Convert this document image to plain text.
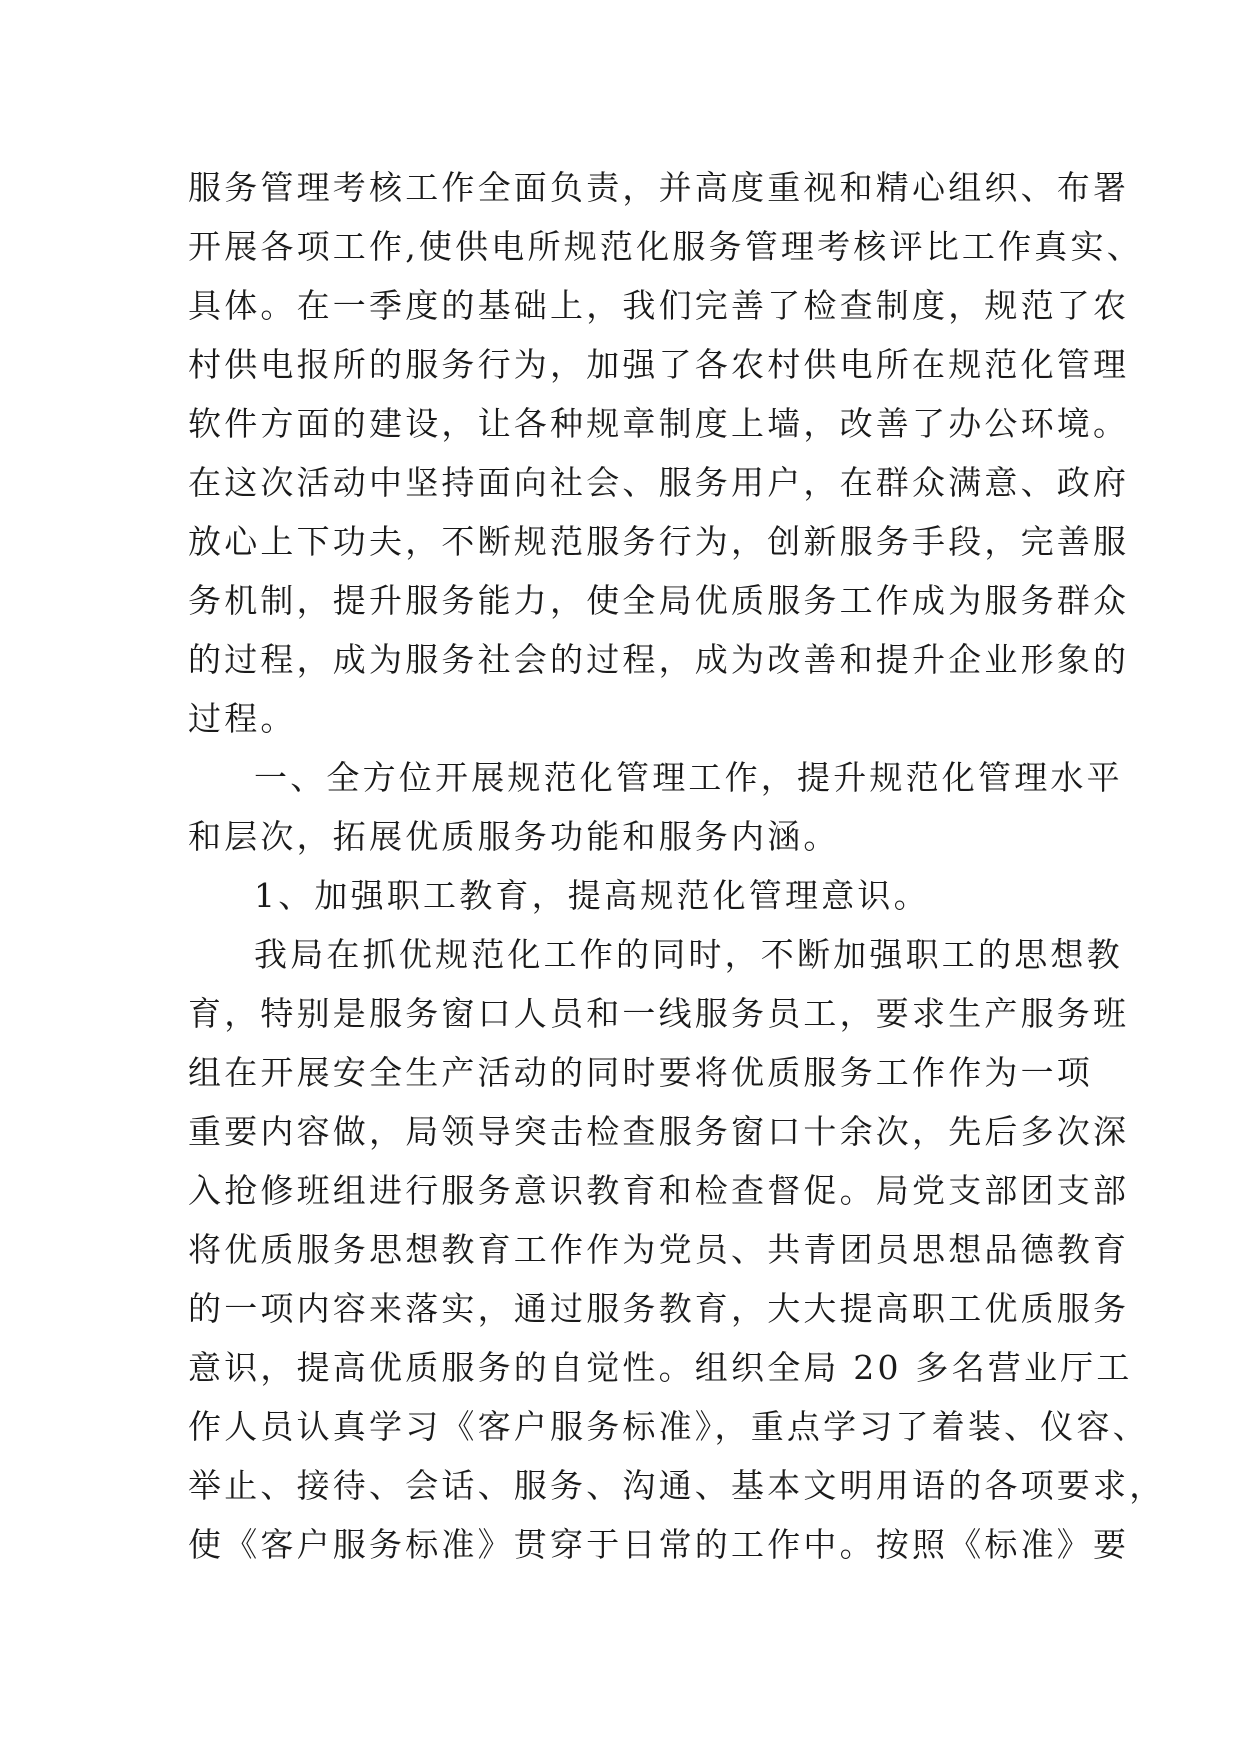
服务管理考核工作全面负责，并高度重视和精心组织、布署
开展各项工作,使供电所规范化服务管理考核评比工作真实、
具体。在一季度的基础上，我们完善了检查制度，规范了农
村供电报所的服务行为，加强了各农村供电所在规范化管理
软件方面的建设，让各种规章制度上墙，改善了办公环境。
在这次活动中坚持面向社会、服务用户，在群众满意、政府
放心上下功夫，不断规范服务行为，创新服务手段，完善服
务机制，提升服务能力，使全局优质服务工作成为服务群众
的过程，成为服务社会的过程，成为改善和提升企业形象的
过程。
一、全方位开展规范化管理工作，提升规范化管理水平
和层次，拓展优质服务功能和服务内涵。
1、加强职工教育，提高规范化管理意识。
我局在抓优规范化工作的同时，不断加强职工的思想教
育，特别是服务窗口人员和一线服务员工，要求生产服务班
组在开展安全生产活动的同时要将优质服务工作作为一项
重要内容做，局领导突击检查服务窗口十余次，先后多次深
入抢修班组进行服务意识教育和检查督促。局党支部团支部
将优质服务思想教育工作作为党员、共青团员思想品德教育
的一项内容来落实，通过服务教育，大大提高职工优质服务
意识，提高优质服务的自觉性。组织全局 20 多名营业厅工
作人员认真学习《客户服务标准》，重点学习了着装、仪容、
举止、接待、会话、服务、沟通、基本文明用语的各项要求，
使《客户服务标准》贯穿于日常的工作中。按照《标准》要
